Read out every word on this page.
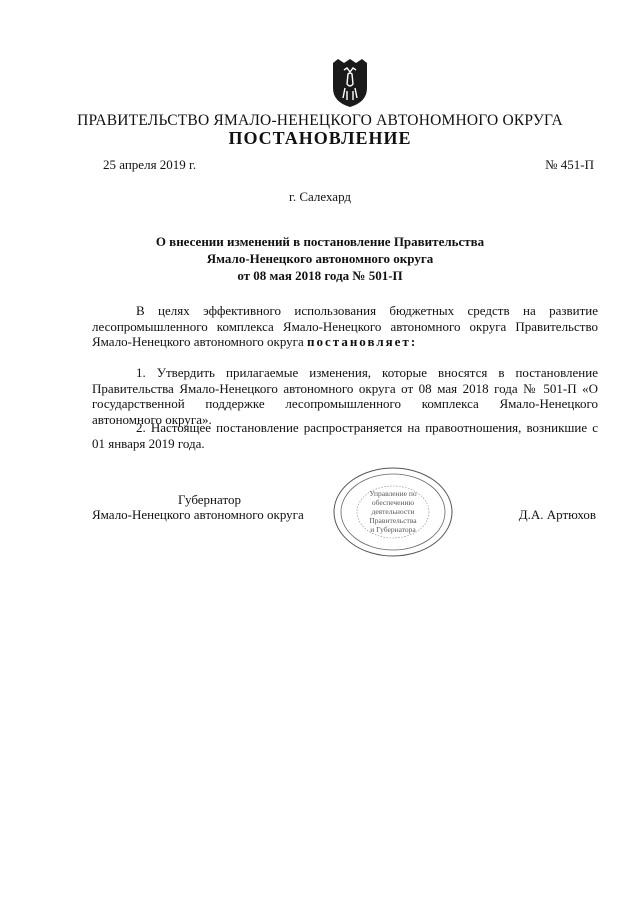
ПРАВИТЕЛЬСТВО ЯМАЛО-НЕНЕЦКОГО АВТОНОМНОГО ОКРУГА
ПОСТАНОВЛЕНИЕ
25 апреля 2019 г.	№ 451-П
г. Салехард
О внесении изменений в постановление Правительства
Ямало-Ненецкого автономного округа
от 08 мая 2018 года № 501-П
В целях эффективного использования бюджетных средств на развитие лесопромышленного комплекса Ямало-Ненецкого автономного округа Правительство Ямало-Ненецкого автономного округа постановляет:
1. Утвердить прилагаемые изменения, которые вносятся в постановление Правительства Ямало-Ненецкого автономного округа от 08 мая 2018 года № 501-П «О государственной поддержке лесопромышленного комплекса Ямало-Ненецкого автономного округа».
2. Настоящее постановление распространяется на правоотношения, возникшие с 01 января 2019 года.
Губернатор
Ямало-Ненецкого автономного округа	Д.А. Артюхов
Управление по
обеспечению
деятельности
Правительства
и Губернатора
